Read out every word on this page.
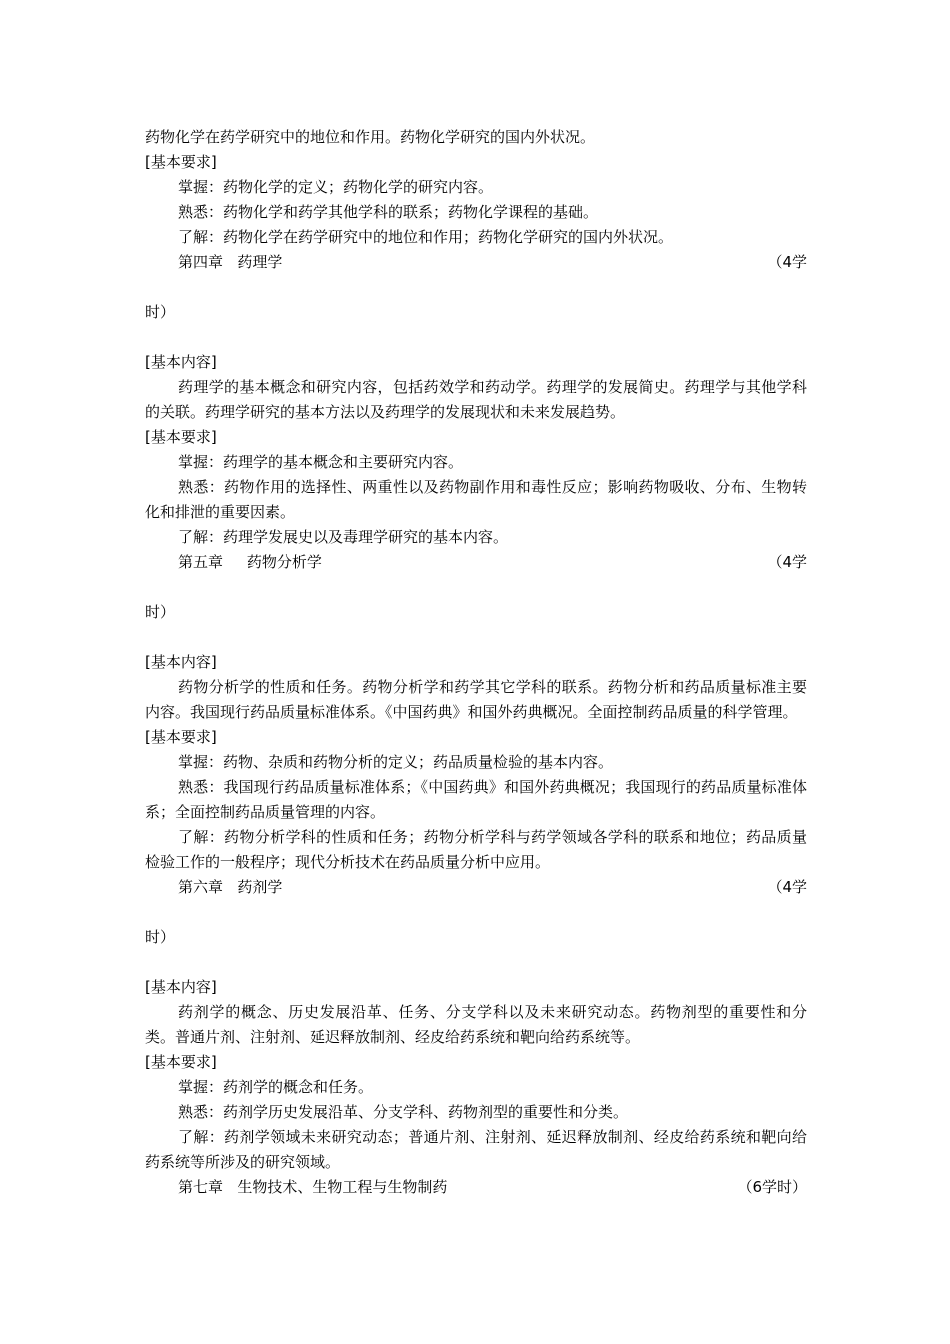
药物化学在药学研究中的地位和作用。药物化学研究的国内外状况。

[基本要求]

掌握：药物化学的定义；药物化学的研究内容。

熟悉：药物化学和药学其他学科的联系；药物化学课程的基础。

了解：药物化学在药学研究中的地位和作用；药物化学研究的国内外状况。

第四章 药理学	（4学

时）

[基本内容]

药理学的基本概念和研究内容，包括药效学和药动学。药理学的发展简史。药理学与其他学科的关联。药理学研究的基本方法以及药理学的发展现状和未来发展趋势。

[基本要求]

掌握：药理学的基本概念和主要研究内容。

熟悉：药物作用的选择性、两重性以及药物副作用和毒性反应；影响药物吸收、分布、生物转化和排泄的重要因素。

了解：药理学发展史以及毒理学研究的基本内容。

第五章 药物分析学	（4学

时）

[基本内容]

药物分析学的性质和任务。药物分析学和药学其它学科的联系。药物分析和药品质量标准主要内容。我国现行药品质量标准体系。《中国药典》和国外药典概况。全面控制药品质量的科学管理。

[基本要求]

掌握：药物、杂质和药物分析的定义；药品质量检验的基本内容。

熟悉：我国现行药品质量标准体系；《中国药典》和国外药典概况；我国现行的药品质量标准体系；全面控制药品质量管理的内容。

了解：药物分析学科的性质和任务；药物分析学科与药学领域各学科的联系和地位；药品质量检验工作的一般程序；现代分析技术在药品质量分析中应用。

第六章 药剂学	（4学

时）

[基本内容]

药剂学的概念、历史发展沿革、任务、分支学科以及未来研究动态。药物剂型的重要性和分类。普通片剂、注射剂、延迟释放制剂、经皮给药系统和靶向给药系统等。

[基本要求]

掌握：药剂学的概念和任务。

熟悉：药剂学历史发展沿革、分支学科、药物剂型的重要性和分类。

了解：药剂学领域未来研究动态；普通片剂、注射剂、延迟释放制剂、经皮给药系统和靶向给药系统等所涉及的研究领域。

第七章 生物技术、生物工程与生物制药	（6学时）
